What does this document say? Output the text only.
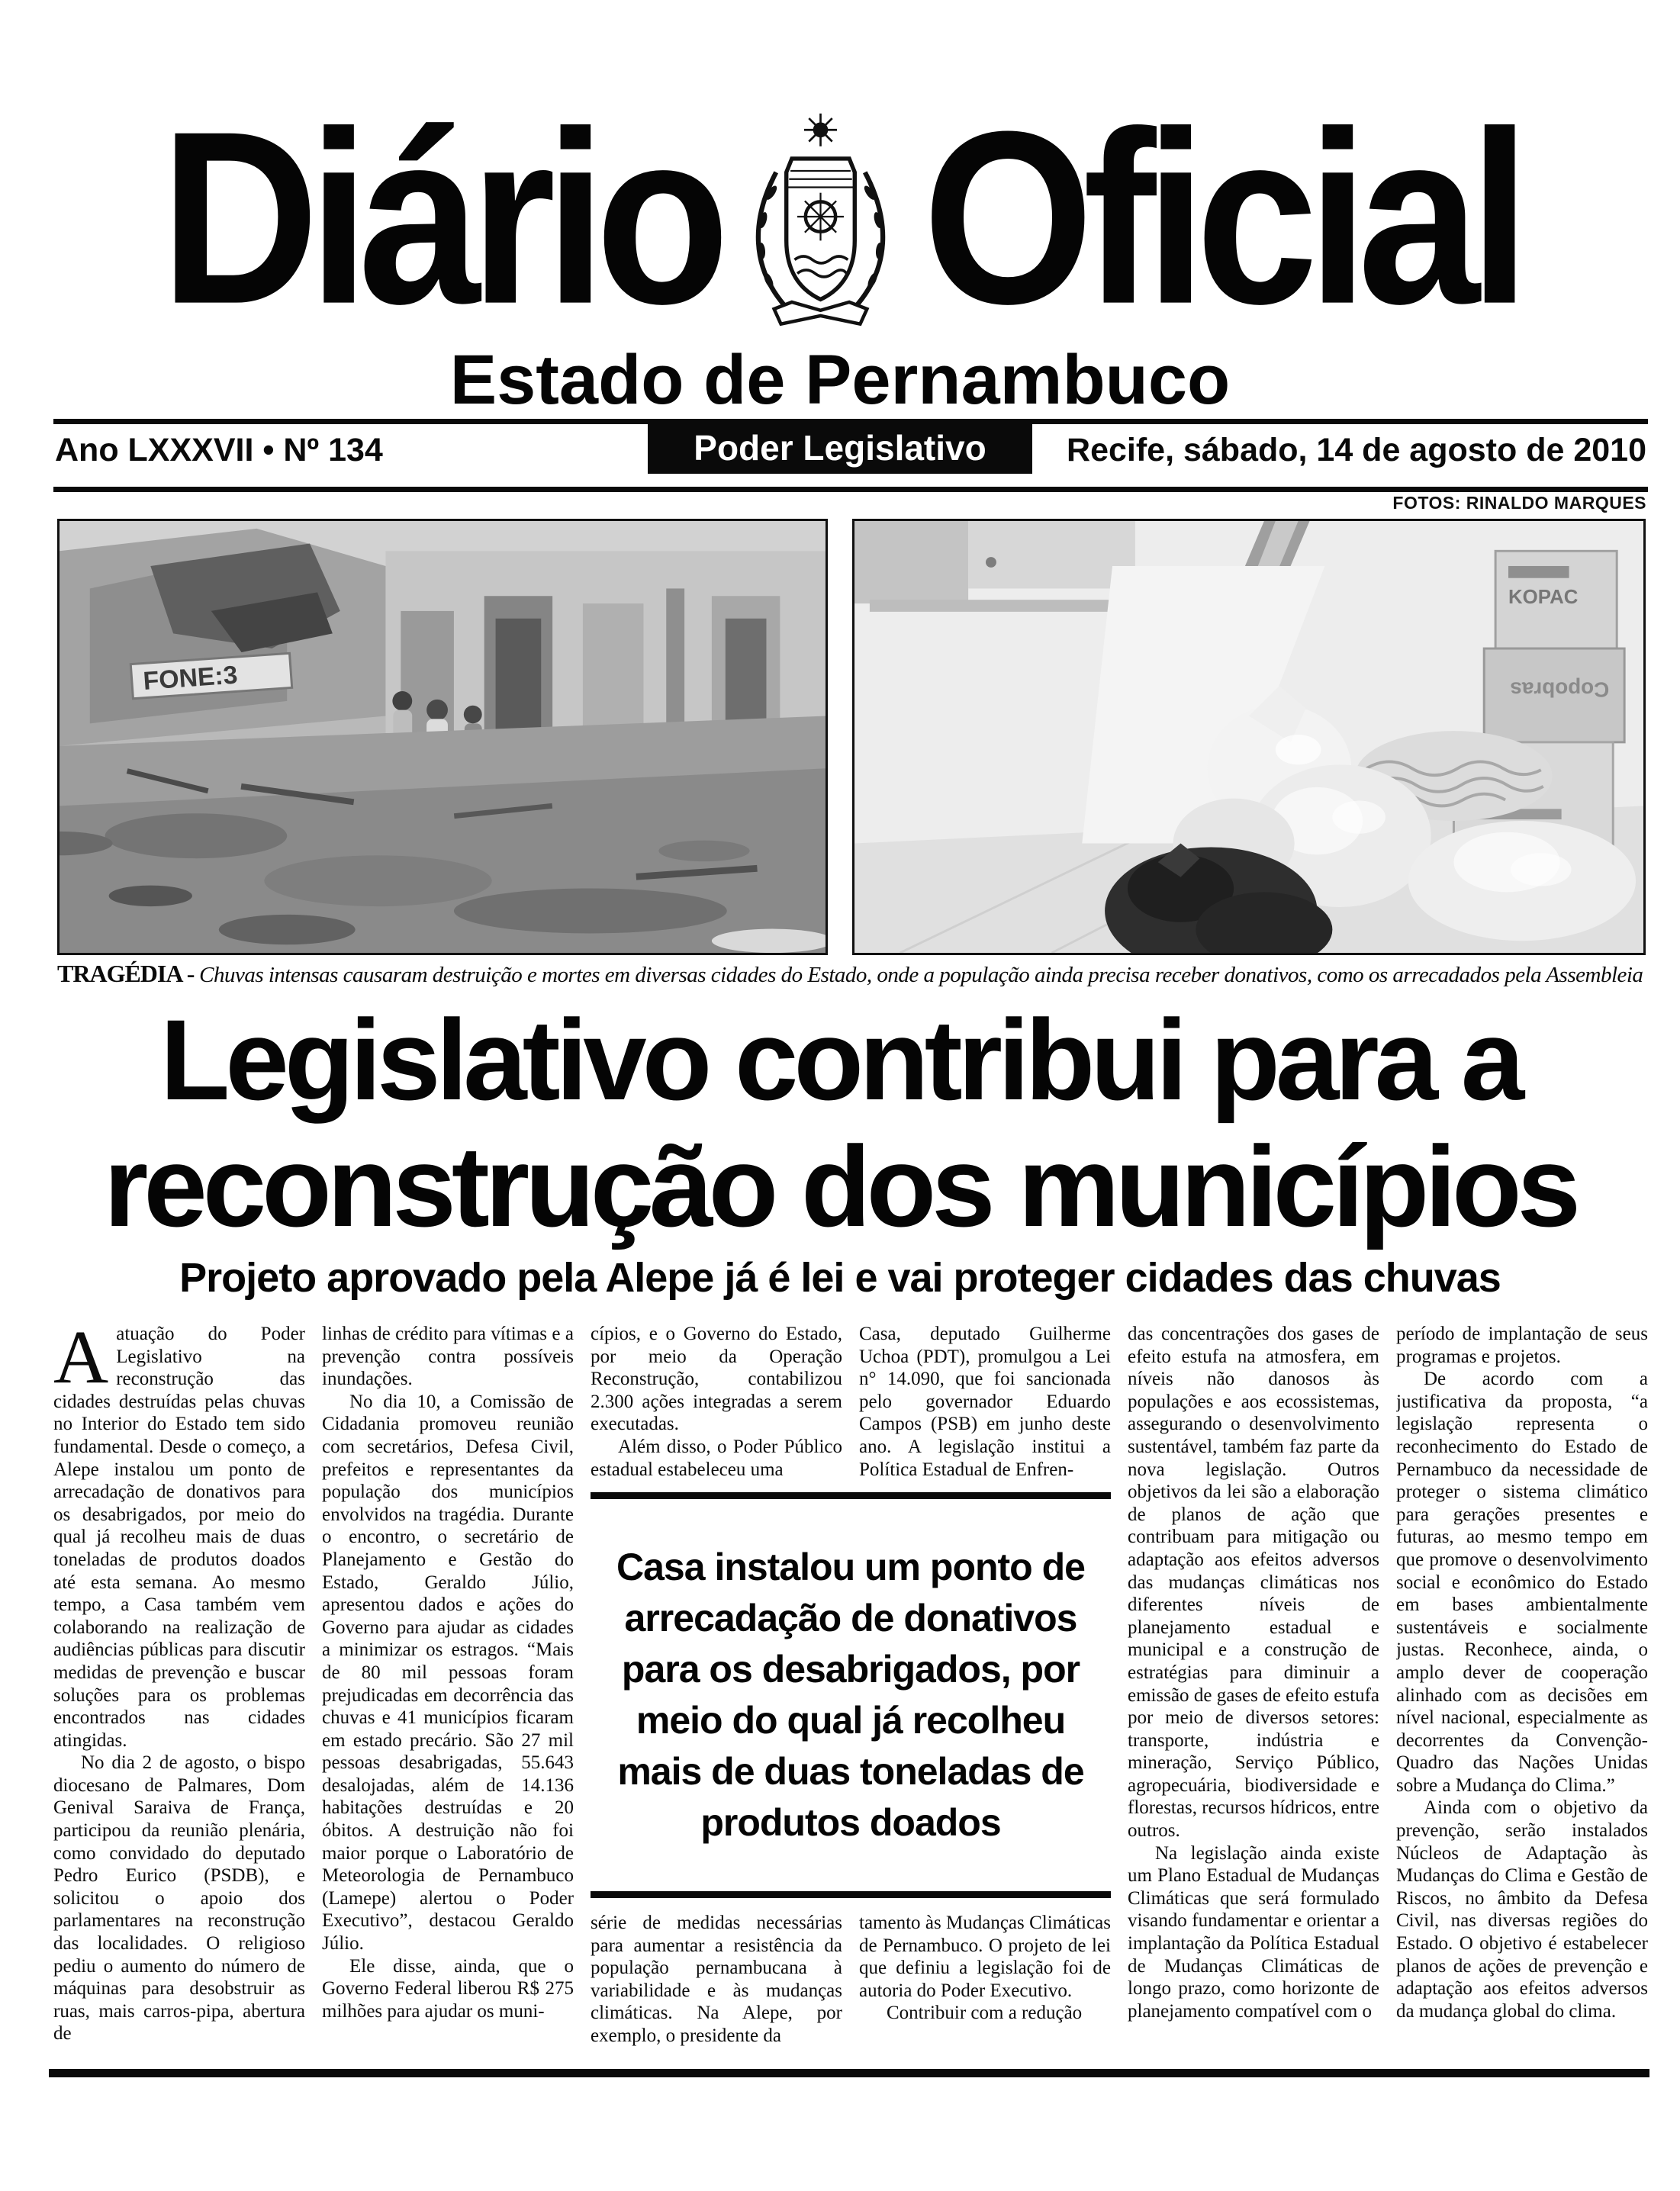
Diário Oficial
Estado de Pernambuco
Ano LXXXVII • Nº 134	Poder Legislativo Recife, sábado, 14 de agosto de 2010
FOTOS: RINALDO MARQUES
FONE:3
KOPAC
Copobras
TRAGÉDIA - Chuvas intensas causaram destruição e mortes em diversas cidades do Estado, onde a população ainda precisa receber donativos, como os arrecadados pela Assembleia
Legislativo contribui para a
reconstrução dos municípios
Projeto aprovado pela Alepe já é lei e vai proteger cidades das chuvas

Aatuação do Poder Legislativo na reconstrução das cidades destruídas pelas chuvas no Interior do Estado tem sido fundamental. Desde o começo, a Alepe instalou um ponto de arrecadação de donativos para os desabrigados, por meio do qual já recolheu mais de duas toneladas de produtos doados até esta semana. Ao mesmo tempo, a Casa também vem colaborando na realização de audiências públicas para discutir medidas de prevenção e buscar soluções para os problemas encontrados nas cidades atingidas.

No dia 2 de agosto, o bispo diocesano de Palmares, Dom Genival Saraiva de França, participou da reunião plenária, como convidado do deputado Pedro Eurico (PSDB), e solicitou o apoio dos parlamentares na reconstrução das localidades. O religioso pediu o aumento do número de máquinas para desobstruir as ruas, mais carros-pipa, abertura de

linhas de crédito para vítimas e a prevenção contra possíveis inundações.

No dia 10, a Comissão de Cidadania promoveu reunião com secretários, Defesa Civil, prefeitos e representantes da população dos municípios envolvidos na tragédia. Durante o encontro, o secretário de Planejamento e Gestão do Estado, Geraldo Júlio, apresentou dados e ações do Governo para ajudar as cidades a minimizar os estragos. “Mais de 80 mil pessoas foram prejudicadas em decorrência das chuvas e 41 municípios ficaram em estado precário. São 27 mil pessoas desabrigadas, 55.643 desalojadas, além de 14.136 habitações destruídas e 20 óbitos. A destruição não foi maior porque o Laboratório de Meteorologia de Pernambuco (Lamepe) alertou o Poder Executivo”, destacou Geraldo Júlio.

Ele disse, ainda, que o Governo Federal liberou R$ 275 milhões para ajudar os muni-

cípios, e o Governo do Estado, por meio da Operação Reconstrução, contabilizou 2.300 ações integradas a serem executadas.

Além disso, o Poder Público estadual estabeleceu uma

Casa, deputado Guilherme Uchoa (PDT), promulgou a Lei n° 14.090, que foi sancionada pelo governador Eduardo Campos (PSB) em junho deste ano. A legislação institui a Política Estadual de Enfren-

Casa instalou um ponto de arrecadação de donativos para os desabrigados, por meio do qual já recolheu mais de duas toneladas de produtos doados

série de medidas necessárias para aumentar a resistência da população pernambucana à variabilidade e às mudanças climáticas. Na Alepe, por exemplo, o presidente da

tamento às Mudanças Climáticas de Pernambuco. O projeto de lei que definiu a legislação foi de autoria do Poder Executivo.

Contribuir com a redução

das concentrações dos gases de efeito estufa na atmosfera, em níveis não danosos às populações e aos ecossistemas, assegurando o desenvolvimento sustentável, também faz parte da nova legislação. Outros objetivos da lei são a elaboração de planos de ação que contribuam para mitigação ou adaptação aos efeitos adversos das mudanças climáticas nos diferentes níveis de planejamento estadual e municipal e a construção de estratégias para diminuir a emissão de gases de efeito estufa por meio de diversos setores: transporte, indústria e mineração, Serviço Público, agropecuária, biodiversidade e florestas, recursos hídricos, entre outros.

Na legislação ainda existe um Plano Estadual de Mudanças Climáticas que será formulado visando fundamentar e orientar a implantação da Política Estadual de Mudanças Climáticas de longo prazo, como horizonte de planejamento compatível com o

período de implantação de seus programas e projetos.

De acordo com a justificativa da proposta, “a legislação representa o reconhecimento do Estado de Pernambuco da necessidade de proteger o sistema climático para gerações presentes e futuras, ao mesmo tempo em que promove o desenvolvimento social e econômico do Estado em bases ambientalmente sustentáveis e socialmente justas. Reconhece, ainda, o amplo dever de cooperação alinhado com as decisões em nível nacional, especialmente as decorrentes da Convenção-Quadro das Nações Unidas sobre a Mudança do Clima.”

Ainda com o objetivo da prevenção, serão instalados Núcleos de Adaptação às Mudanças do Clima e Gestão de Riscos, no âmbito da Defesa Civil, nas diversas regiões do Estado. O objetivo é estabelecer planos de ações de prevenção e adaptação aos efeitos adversos da mudança global do clima.
